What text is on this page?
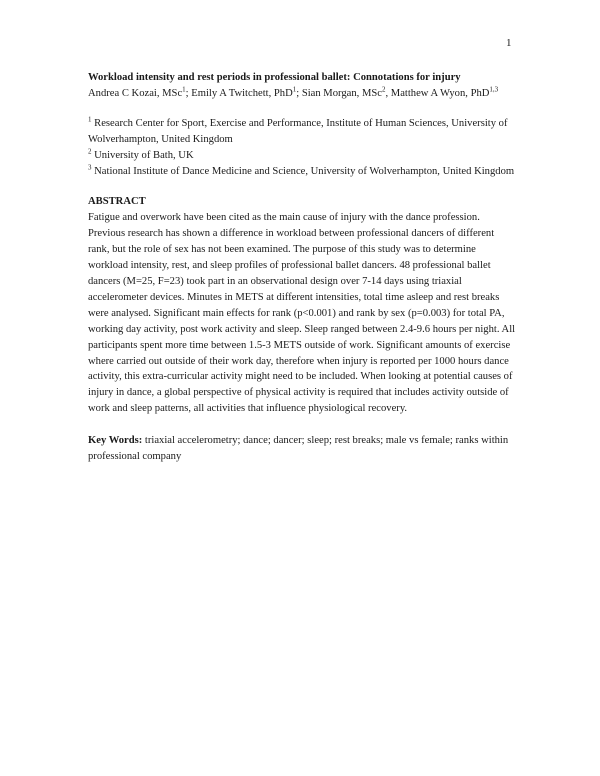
1

Workload intensity and rest periods in professional ballet: Connotations for injury

Andrea C Kozai, MSc$^1$; Emily A Twitchett, PhD$^1$; Sian Morgan, MSc$^2$, Matthew A Wyon, PhD$^{1,3}$

$^1$ Research Center for Sport, Exercise and Performance, Institute of Human Sciences, University of Wolverhampton, United Kingdom

$^2$ University of Bath, UK

$^3$ National Institute of Dance Medicine and Science, University of Wolverhampton, United Kingdom

ABSTRACT

Fatigue and overwork have been cited as the main cause of injury with the dance profession. Previous research has shown a difference in workload between professional dancers of different rank, but the role of sex has not been examined. The purpose of this study was to determine workload intensity, rest, and sleep profiles of professional ballet dancers. 48 professional ballet dancers (M=25, F=23) took part in an observational design over 7-14 days using triaxial accelerometer devices. Minutes in METS at different intensities, total time asleep and rest breaks were analysed. Significant main effects for rank (p<0.001) and rank by sex (p=0.003) for total PA, working day activity, post work activity and sleep. Sleep ranged between 2.4-9.6 hours per night. All participants spent more time between 1.5-3 METS outside of work. Significant amounts of exercise where carried out outside of their work day, therefore when injury is reported per 1000 hours dance activity, this extra-curricular activity might need to be included. When looking at potential causes of injury in dance, a global perspective of physical activity is required that includes activity outside of work and sleep patterns, all activities that influence physiological recovery.

Key Words: triaxial accelerometry; dance; dancer; sleep; rest breaks; male vs female; ranks within professional company
